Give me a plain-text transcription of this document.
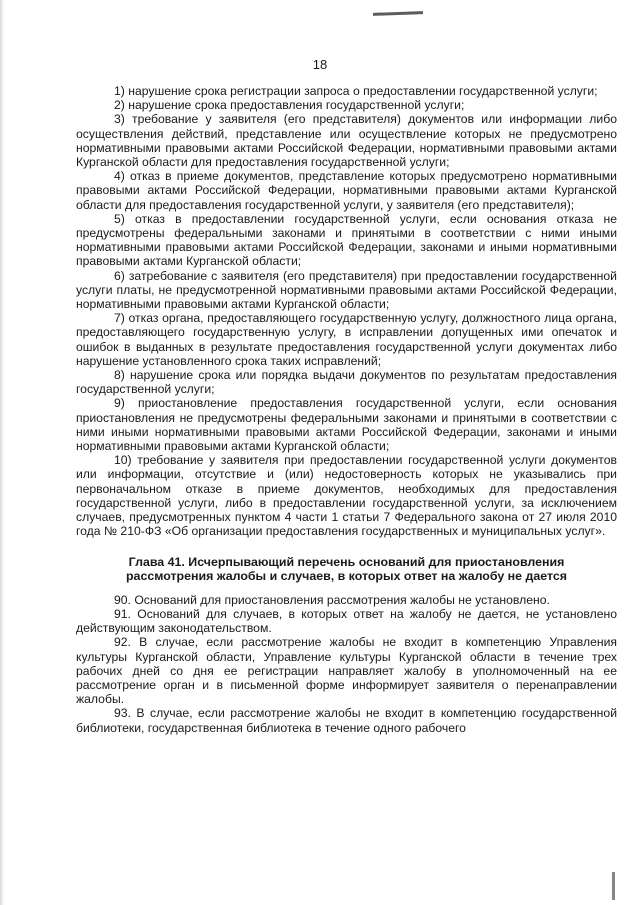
18

1) нарушение срока регистрации запроса о предоставлении государственной услуги;

2) нарушение срока предоставления государственной услуги;

3) требование у заявителя (его представителя) документов или информации либо осуществления действий, представление или осуществление которых не предусмотрено нормативными правовыми актами Российской Федерации, нормативными правовыми актами Курганской области для предоставления государственной услуги;

4) отказ в приеме документов, представление которых предусмотрено нормативными правовыми актами Российской Федерации, нормативными правовыми актами Курганской области для предоставления государственной услуги, у заявителя (его представителя);

5) отказ в предоставлении государственной услуги, если основания отказа не предусмотрены федеральными законами и принятыми в соответствии с ними иными нормативными правовыми актами Российской Федерации, законами и иными нормативными правовыми актами Курганской области;

6) затребование с заявителя (его представителя) при предоставлении государственной услуги платы, не предусмотренной нормативными правовыми актами Российской Федерации, нормативными правовыми актами Курганской области;

7) отказ органа, предоставляющего государственную услугу, должностного лица органа, предоставляющего государственную услугу, в исправлении допущенных ими опечаток и ошибок в выданных в результате предоставления государственной услуги документах либо нарушение установленного срока таких исправлений;

8) нарушение срока или порядка выдачи документов по результатам предоставления государственной услуги;

9) приостановление предоставления государственной услуги, если основания приостановления не предусмотрены федеральными законами и принятыми в соответствии с ними иными нормативными правовыми актами Российской Федерации, законами и иными нормативными правовыми актами Курганской области;

10) требование у заявителя при предоставлении государственной услуги документов или информации, отсутствие и (или) недостоверность которых не указывались при первоначальном отказе в приеме документов, необходимых для предоставления государственной услуги, либо в предоставлении государственной услуги, за исключением случаев, предусмотренных пунктом 4 части 1 статьи 7 Федерального закона от 27 июля 2010 года № 210-ФЗ «Об организации предоставления государственных и муниципальных услуг».

Глава 41. Исчерпывающий перечень оснований для приостановления
рассмотрения жалобы и случаев, в которых ответ на жалобу не дается

90. Оснований для приостановления рассмотрения жалобы не установлено.

91. Оснований для случаев, в которых ответ на жалобу не дается, не установлено действующим законодательством.

92. В случае, если рассмотрение жалобы не входит в компетенцию Управления культуры Курганской области, Управление культуры Курганской области в течение трех рабочих дней со дня ее регистрации направляет жалобу в уполномоченный на ее рассмотрение орган и в письменной форме информирует заявителя о перенаправлении жалобы.

93. В случае, если рассмотрение жалобы не входит в компетенцию государственной библиотеки, государственная библиотека в течение одного рабочего
